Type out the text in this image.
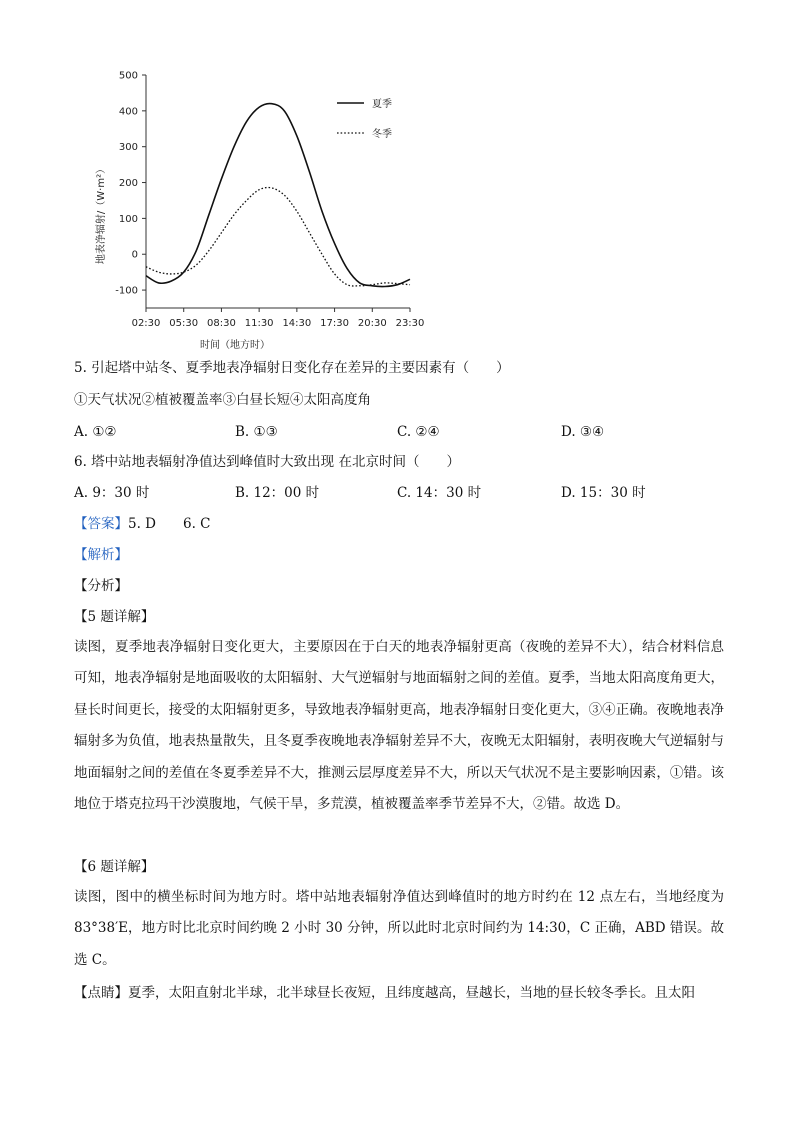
500
400
300
200
100
0
-100
02:30 05:30 08:30 11:30 14:30 17:30 20:30 23:30
夏季
冬季
地表净辐射/（W·m²）
时间（地方时）
5. 引起塔中站冬、夏季地表净辐射日变化存在差异的主要因素有（　　）
①天气状况②植被覆盖率③白昼长短④太阳高度角
A. ①②	B. ①③	C. ②④	D. ③④
6. 塔中站地表辐射净值达到峰值时大致出现 在北京时间（　　）
A. 9：30 时	B. 12：00 时	C. 14：30 时	D. 15：30 时
【答案】5. D　　6. C
【解析】
【分析】
【5 题详解】
读图，夏季地表净辐射日变化更大，主要原因在于白天的地表净辐射更高（夜晚的差异不大），结合材料信息可知，地表净辐射是地面吸收的太阳辐射、大气逆辐射与地面辐射之间的差值。夏季，当地太阳高度角更大，昼长时间更长，接受的太阳辐射更多，导致地表净辐射更高，地表净辐射日变化更大，③④正确。夜晚地表净辐射多为负值，地表热量散失，且冬夏季夜晚地表净辐射差异不大，夜晚无太阳辐射，表明夜晚大气逆辐射与地面辐射之间的差值在冬夏季差异不大，推测云层厚度差异不大，所以天气状况不是主要影响因素，①错。该地位于塔克拉玛干沙漠腹地，气候干旱，多荒漠，植被覆盖率季节差异不大，②错。故选 D。
【6 题详解】
读图，图中的横坐标时间为地方时。塔中站地表辐射净值达到峰值时的地方时约在 12 点左右，当地经度为 83°38′E，地方时比北京时间约晚 2 小时 30 分钟，所以此时北京时间约为 14:30，C 正确，ABD 错误。故选 C。
【点睛】夏季，太阳直射北半球，北半球昼长夜短，且纬度越高，昼越长，当地的昼长较冬季长。且太阳
